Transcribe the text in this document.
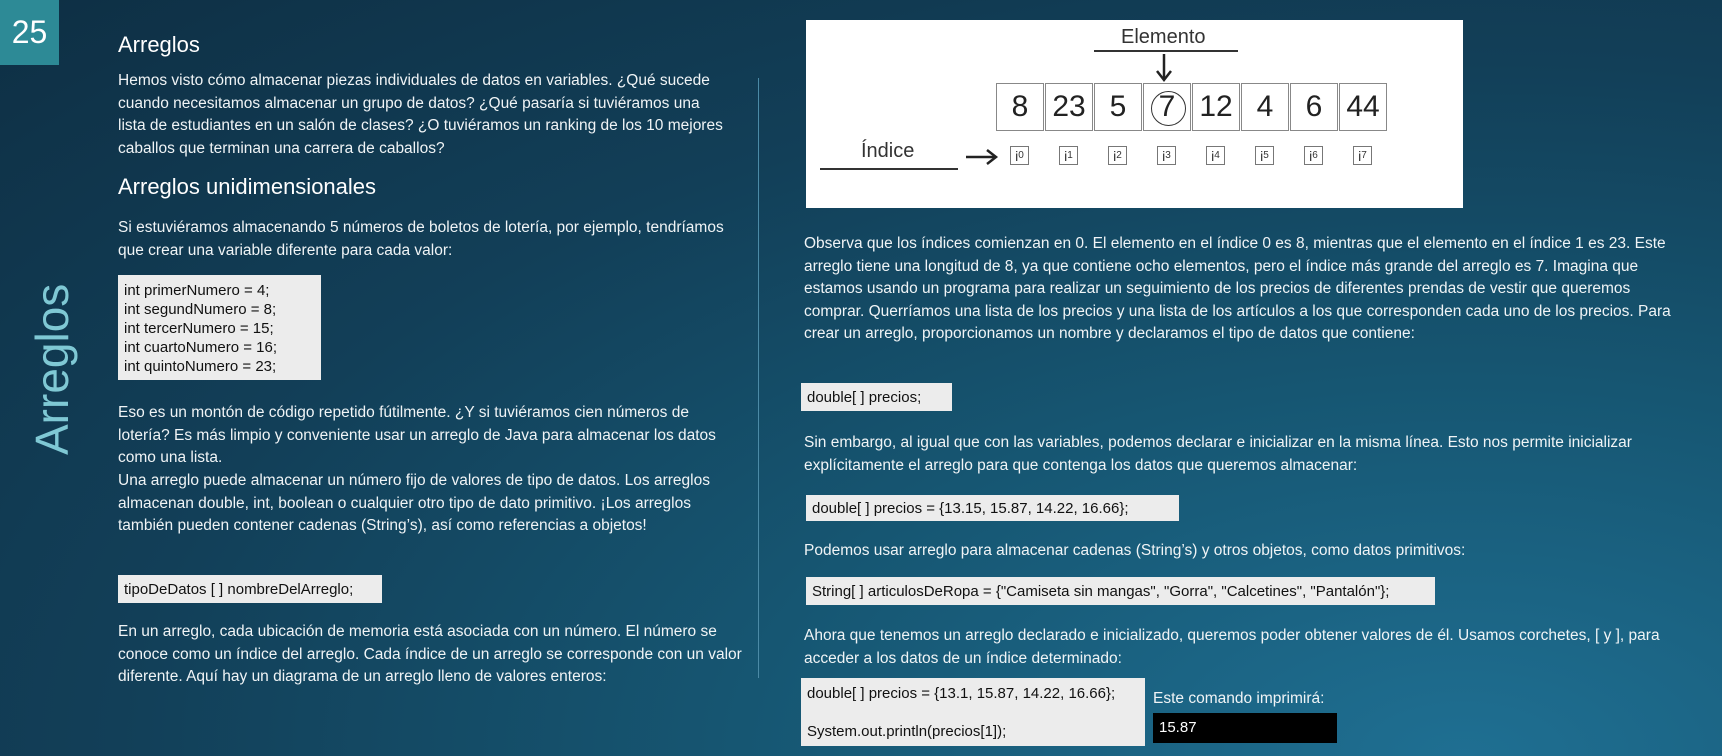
25
Arreglos
Arreglos
Hemos visto cómo almacenar piezas individuales de datos en variables. ¿Qué sucede cuando necesitamos almacenar un grupo de datos? ¿Qué pasaría si tuviéramos una lista de estudiantes en un salón de clases? ¿O tuviéramos un ranking de los 10 mejores caballos que terminan una carrera de caballos?
Arreglos unidimensionales
Si estuviéramos almacenando 5 números de boletos de lotería, por ejemplo, tendríamos que crear una variable diferente para cada valor:
int primerNumero = 4;
int segundNumero = 8;
int tercerNumero = 15;
int cuartoNumero = 16;
int quintoNumero = 23;
Eso es un montón de código repetido fútilmente. ¿Y si tuviéramos cien números de lotería? Es más limpio y conveniente usar un arreglo de Java para almacenar los datos como una lista.
Una arreglo puede almacenar un número fijo de valores de tipo de datos. Los arreglos almacenan double, int, boolean o cualquier otro tipo de dato primitivo. ¡Los arreglos también pueden contener cadenas (String’s), así como referencias a objetos!
tipoDeDatos [ ] nombreDelArreglo;
En un arreglo, cada ubicación de memoria está asociada con un número. El número se conoce como un índice del arreglo. Cada índice de un arreglo se corresponde con un valor diferente. Aquí hay un diagrama de un arreglo lleno de valores enteros:
Elemento
Índice
8 23 5	7 12 4	6 44
i 0	i 1	i 2	i 3	i 4	i 5	i 6	i 7
Observa que los índices comienzan en 0. El elemento en el índice 0 es 8, mientras que el elemento en el índice 1 es 23. Este arreglo tiene una longitud de 8, ya que contiene ocho elementos, pero el índice más grande del arreglo es 7. Imagina que estamos usando un programa para realizar un seguimiento de los precios de diferentes prendas de vestir que queremos comprar. Querríamos una lista de los precios y una lista de los artículos a los que corresponden cada uno de los precios. Para crear un arreglo, proporcionamos un nombre y declaramos el tipo de datos que contiene:
double[ ] precios;
Sin embargo, al igual que con las variables, podemos declarar e inicializar en la misma línea. Esto nos permite inicializar explícitamente el arreglo para que contenga los datos que queremos almacenar:
double[ ] precios = {13.15, 15.87, 14.22, 16.66};
Podemos usar arreglo para almacenar cadenas (String’s) y otros objetos, como datos primitivos:
String[ ] articulosDeRopa = {"Camiseta sin mangas", "Gorra", "Calcetines", "Pantalón"};
Ahora que tenemos un arreglo declarado e inicializado, queremos poder obtener valores de él. Usamos corchetes, [ y ], para acceder a los datos de un índice determinado:
double[ ] precios = {13.1, 15.87, 14.22, 16.66};
System.out.println(precios[1]);
Este comando imprimirá:
15.87
